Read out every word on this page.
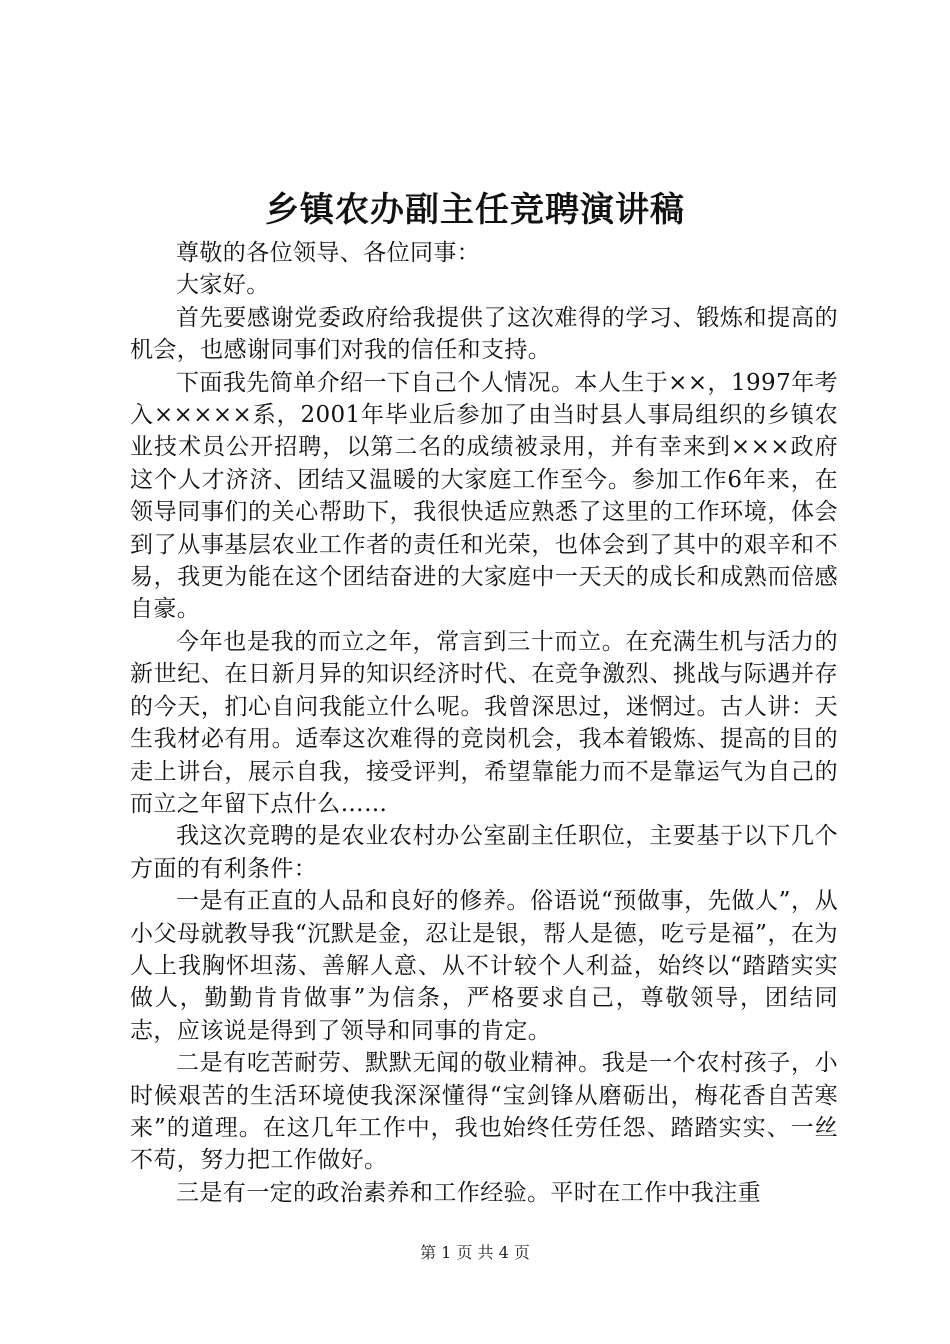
乡镇农办副主任竞聘演讲稿

尊敬的各位领导、各位同事：

大家好。

首先要感谢党委政府给我提供了这次难得的学习、锻炼和提高的机会，也感谢同事们对我的信任和支持。

下面我先简单介绍一下自己个人情况。本人生于××，1997年考入×××××系，2001年毕业后参加了由当时县人事局组织的乡镇农业技术员公开招聘，以第二名的成绩被录用，并有幸来到×××政府这个人才济济、团结又温暖的大家庭工作至今。参加工作6年来，在领导同事们的关心帮助下，我很快适应熟悉了这里的工作环境，体会到了从事基层农业工作者的责任和光荣，也体会到了其中的艰辛和不易，我更为能在这个团结奋进的大家庭中一天天的成长和成熟而倍感自豪。

今年也是我的而立之年，常言到三十而立。在充满生机与活力的新世纪、在日新月异的知识经济时代、在竞争激烈、挑战与际遇并存的今天，扪心自问我能立什么呢。我曾深思过，迷惘过。古人讲：天生我材必有用。适奉这次难得的竞岗机会，我本着锻炼、提高的目的走上讲台，展示自我，接受评判，希望靠能力而不是靠运气为自己的而立之年留下点什么……

我这次竞聘的是农业农村办公室副主任职位，主要基于以下几个方面的有利条件：

一是有正直的人品和良好的修养。俗语说“预做事，先做人”，从小父母就教导我“沉默是金，忍让是银，帮人是德，吃亏是福”，在为人上我胸怀坦荡、善解人意、从不计较个人利益，始终以“踏踏实实做人，勤勤肯肯做事”为信条，严格要求自己，尊敬领导，团结同志，应该说是得到了领导和同事的肯定。

二是有吃苦耐劳、默默无闻的敬业精神。我是一个农村孩子，小时候艰苦的生活环境使我深深懂得“宝剑锋从磨砺出，梅花香自苦寒来”的道理。在这几年工作中，我也始终任劳任怨、踏踏实实、一丝不苟，努力把工作做好。

三是有一定的政治素养和工作经验。平时在工作中我注重

第 1 页 共 4 页
